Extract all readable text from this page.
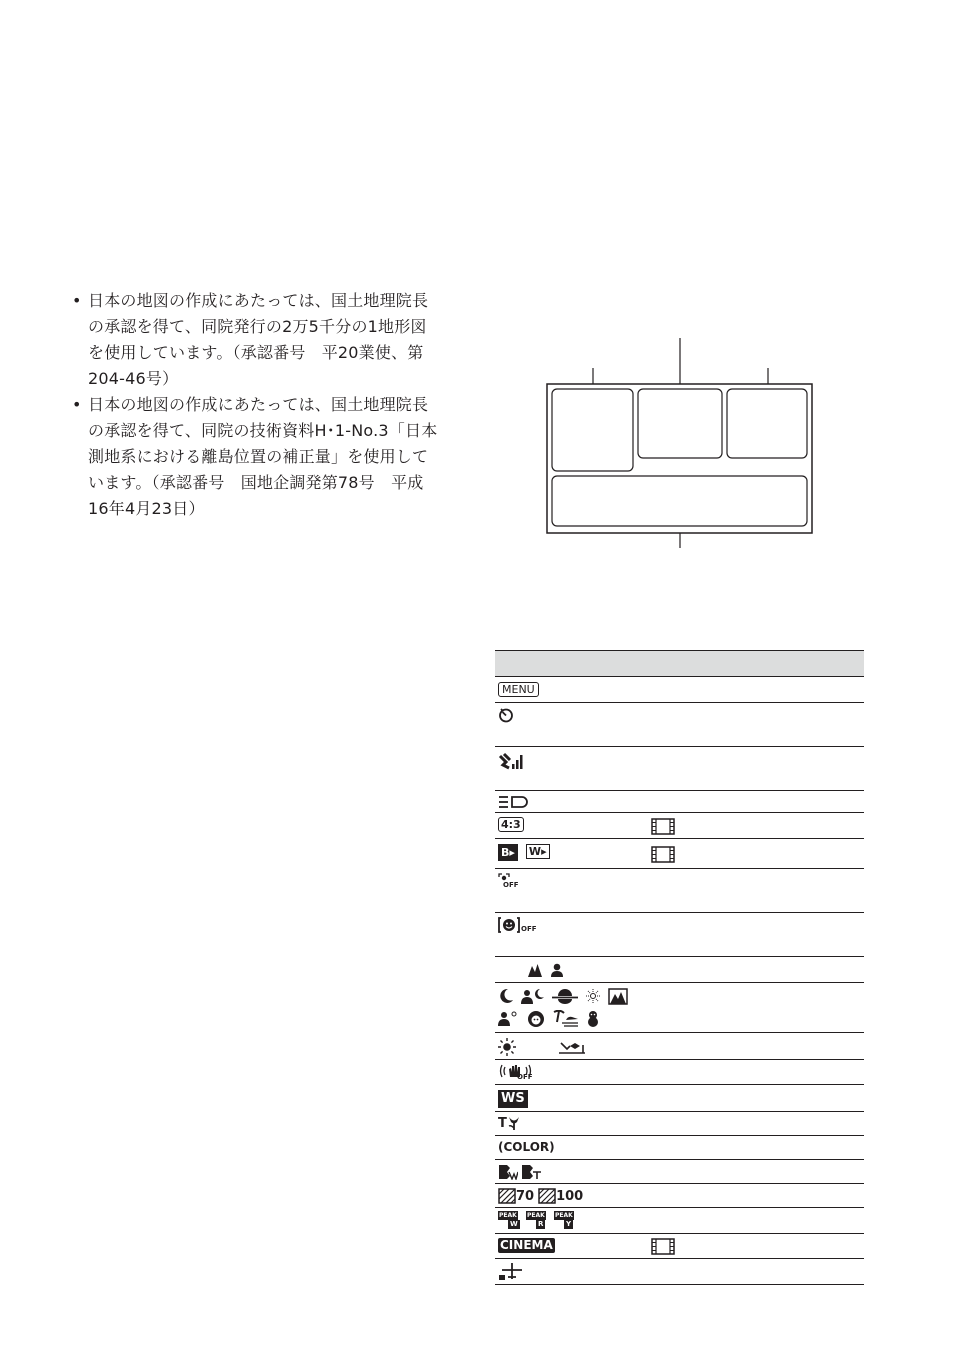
• 日本の地図の作成にあたっては、国土地理院長
の承認を得て、同院発行の2万5千分の1地形図
を使用しています。（承認番号　平20業使、第
204-46号）
• 日本の地図の作成にあたっては、国土地理院長
の承認を得て、同院の技術資料H･1-No.3「日本
測地系における離島位置の補正量」を使用して
います。（承認番号　国地企調発第78号　平成
16年4月23日）
MENU
4:3
B▸ W▸
OFF
OFF
OFF
WS
T
(COLOR)
70 100
PEAK
W
PEAK
R
PEAK
Y
CINEMA
